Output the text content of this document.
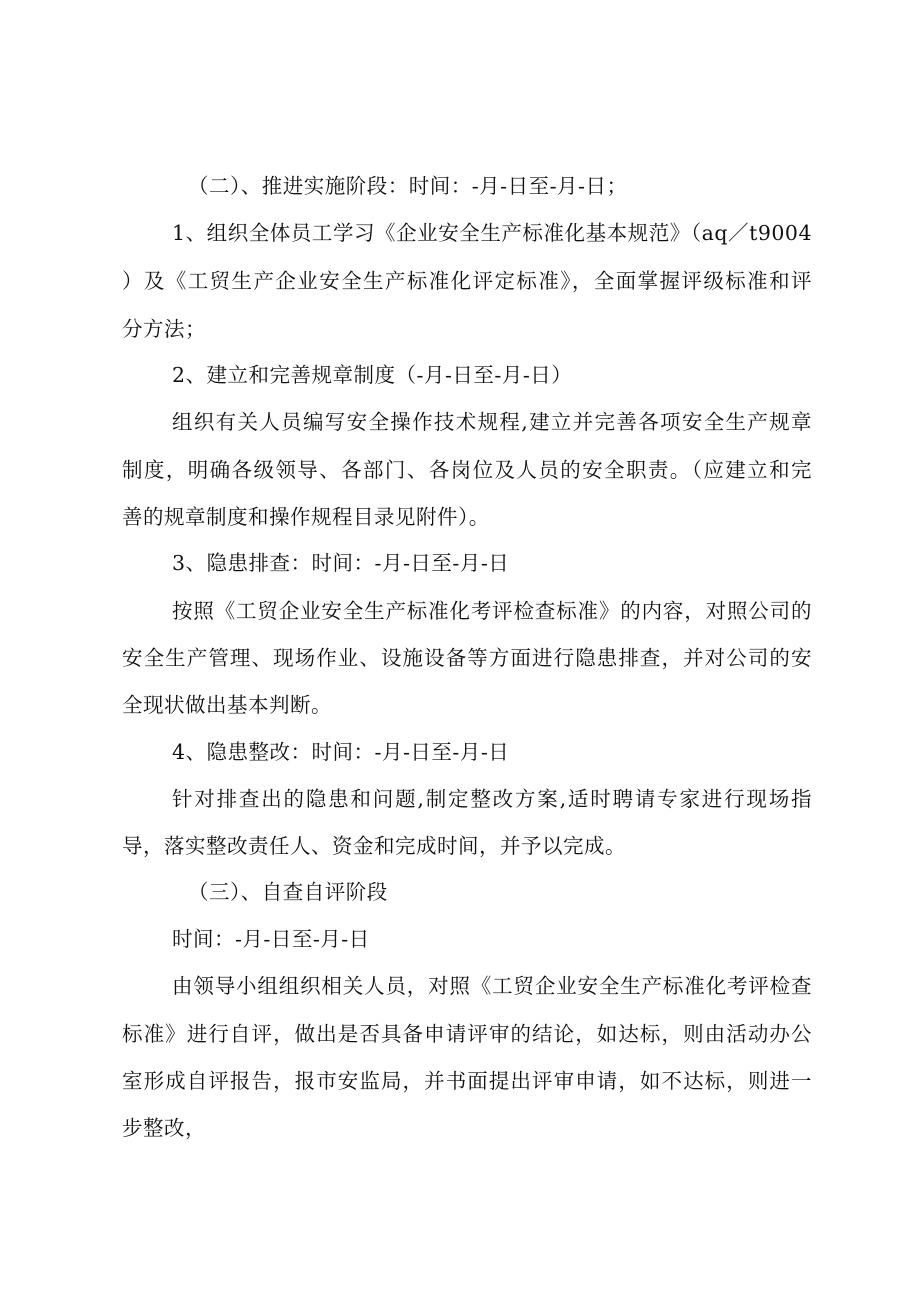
（二）、推进实施阶段：时间：-月-日至-月-日；
1、组织全体员工学习《企业安全生产标准化基本规范》（aq／t9004
）及《工贸生产企业安全生产标准化评定标准》，全面掌握评级标准和评
分方法；
2、建立和完善规章制度（-月-日至-月-日）
组织有关人员编写安全操作技术规程,建立并完善各项安全生产规章
制度，明确各级领导、各部门、各岗位及人员的安全职责。（应建立和完
善的规章制度和操作规程目录见附件）。
3、隐患排查：时间：-月-日至-月-日
按照《工贸企业安全生产标准化考评检查标准》的内容，对照公司的
安全生产管理、现场作业、设施设备等方面进行隐患排查，并对公司的安
全现状做出基本判断。
4、隐患整改：时间：-月-日至-月-日
针对排查出的隐患和问题,制定整改方案,适时聘请专家进行现场指
导，落实整改责任人、资金和完成时间，并予以完成。
（三）、自查自评阶段
时间：-月-日至-月-日
由领导小组组织相关人员，对照《工贸企业安全生产标准化考评检查
标准》进行自评，做出是否具备申请评审的结论，如达标，则由活动办公
室形成自评报告，报市安监局，并书面提出评审申请，如不达标，则进一
步整改，
